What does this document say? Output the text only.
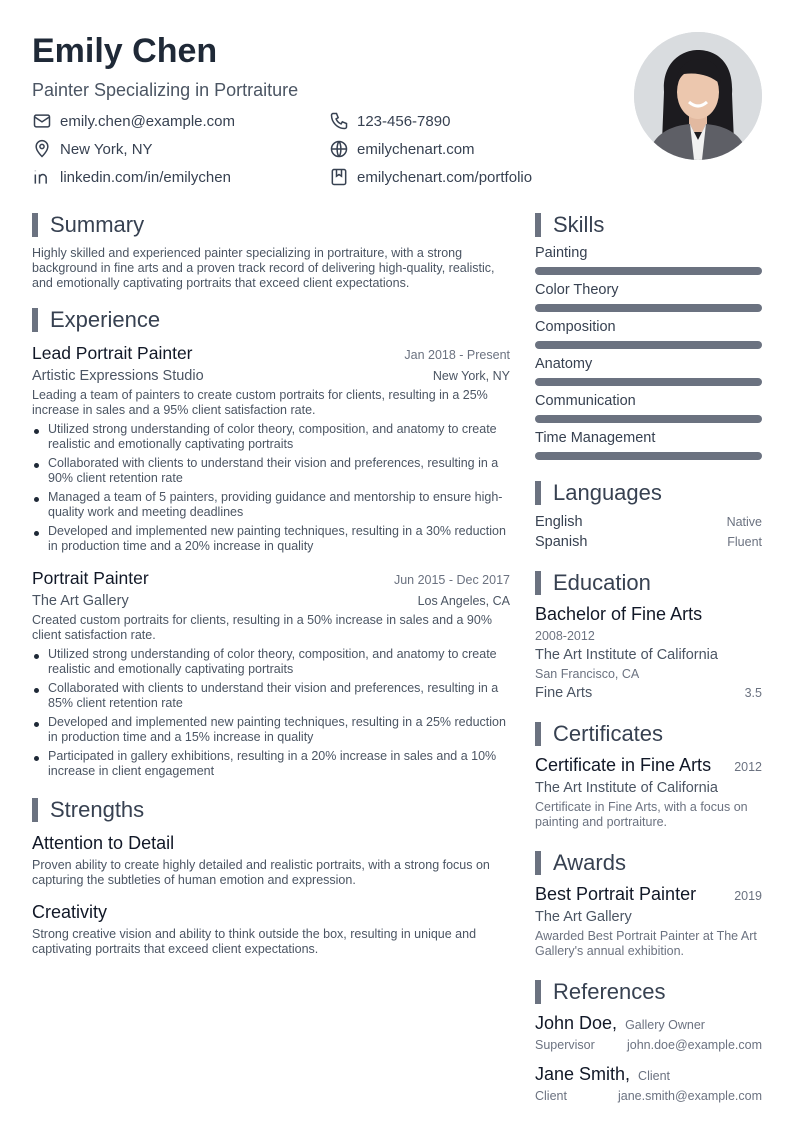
Emily Chen
Painter Specializing in Portraiture
emily.chen@example.com	123-456-7890
New York, NY	emilychenart.com
linkedin.com/in/emilychen	emilychenart.com/portfolio
Summary
Highly skilled and experienced painter specializing in portraiture, with a strong background in fine arts and a proven track record of delivering high-quality, realistic, and emotionally captivating portraits that exceed client expectations.
Experience
Lead Portrait Painter	Jan 2018 - Present
Artistic Expressions Studio	New York, NY
Leading a team of painters to create custom portraits for clients, resulting in a 25% increase in sales and a 95% client satisfaction rate.
Utilized strong understanding of color theory, composition, and anatomy to create realistic and emotionally captivating portraits
Collaborated with clients to understand their vision and preferences, resulting in a 90% client retention rate
Managed a team of 5 painters, providing guidance and mentorship to ensure high-quality work and meeting deadlines
Developed and implemented new painting techniques, resulting in a 30% reduction in production time and a 20% increase in quality
Portrait Painter	Jun 2015 - Dec 2017
The Art Gallery	Los Angeles, CA
Created custom portraits for clients, resulting in a 50% increase in sales and a 90% client satisfaction rate.
Utilized strong understanding of color theory, composition, and anatomy to create realistic and emotionally captivating portraits
Collaborated with clients to understand their vision and preferences, resulting in a 85% client retention rate
Developed and implemented new painting techniques, resulting in a 25% reduction in production time and a 15% increase in quality
Participated in gallery exhibitions, resulting in a 20% increase in sales and a 10% increase in client engagement
Strengths
Attention to Detail
Proven ability to create highly detailed and realistic portraits, with a strong focus on capturing the subtleties of human emotion and expression.
Creativity
Strong creative vision and ability to think outside the box, resulting in unique and captivating portraits that exceed client expectations.
Skills
Painting
Color Theory
Composition
Anatomy
Communication
Time Management
Languages
English	Native
Spanish	Fluent
Education
Bachelor of Fine Arts
2008-2012
The Art Institute of California
San Francisco, CA
Fine Arts	3.5
Certificates
Certificate in Fine Arts 2012
The Art Institute of California
Certificate in Fine Arts, with a focus on painting and portraiture.
Awards
Best Portrait Painter	2019
The Art Gallery
Awarded Best Portrait Painter at The Art Gallery's annual exhibition.
References
John Doe, Gallery Owner
Supervisor	john.doe@example.com
Jane Smith, Client
Client	jane.smith@example.com
